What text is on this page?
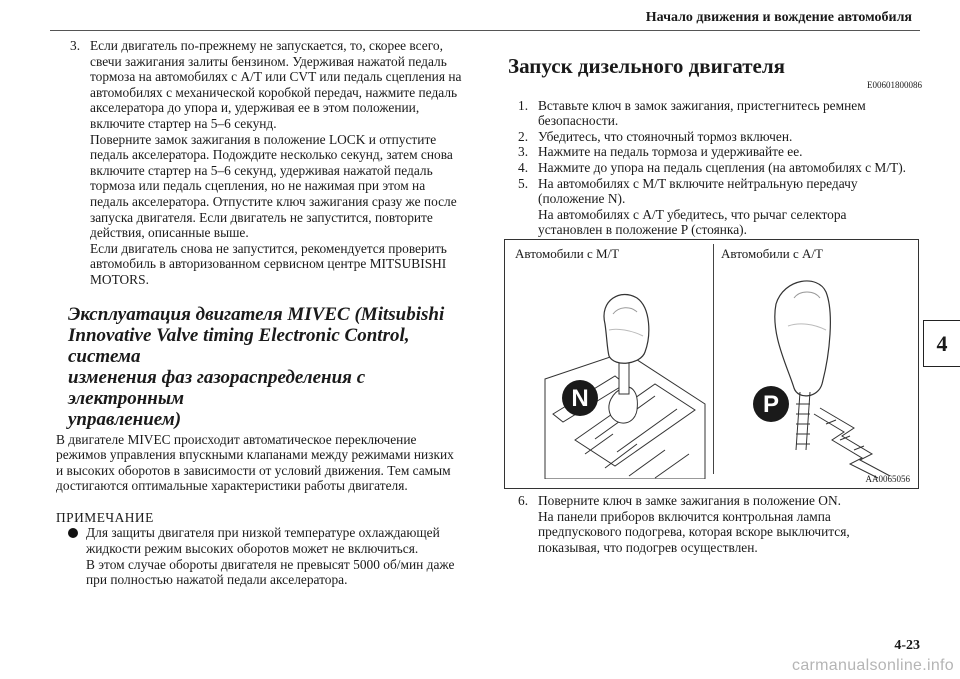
Начало движения и вождение автомобиля
4
3. Если двигатель по-прежнему не запускается, то, скорее всего,
свечи зажигания залиты бензином. Удерживая нажатой педаль
тормоза на автомобилях с A/T или CVT или педаль сцепления на
автомобилях с механической коробкой передач, нажмите педаль
акселератора до упора и, удерживая ее в этом положении,
включите стартер на 5–6 секунд.
Поверните замок зажигания в положение LOCK и отпустите
педаль акселератора. Подождите несколько секунд, затем снова
включите стартер на 5–6 секунд, удерживая нажатой педаль
тормоза или педаль сцепления, но не нажимая при этом на
педаль акселератора. Отпустите ключ зажигания сразу же после
запуска двигателя. Если двигатель не запустится, повторите
действия, описанные выше.
Если двигатель снова не запустится, рекомендуется проверить
автомобиль в авторизованном сервисном центре MITSUBISHI
MOTORS.
Эксплуатация двигателя MIVEC (Mitsubishi
Innovative Valve timing Electronic Control, система
изменения фаз газораспределения с электронным
управлением)
В двигателе MIVEC происходит автоматическое переключение
режимов управления впускными клапанами между режимами низких
и высоких оборотов в зависимости от условий движения. Тем самым
достигаются оптимальные характеристики работы двигателя.
ПРИМЕЧАНИЕ
Для защиты двигателя при низкой температуре охлаждающей
жидкости режим высоких оборотов может не включиться.
В этом случае обороты двигателя не превысят 5000 об/мин даже
при полностью нажатой педали акселератора.
Запуск дизельного двигателя
E00601800086
1. Вставьте ключ в замок зажигания, пристегнитесь ремнем
безопасности.
2. Убедитесь, что стояночный тормоз включен.
3. Нажмите на педаль тормоза и удерживайте ее.
4. Нажмите до упора на педаль сцепления (на автомобилях с M/T).
5. На автомобилях с M/T включите нейтральную передачу
(положение N).
На автомобилях с A/T убедитесь, что рычаг селектора
установлен в положение P (стоянка).
Автомобили с M/T	Автомобили с A/T
N	P
AA0065056
6. Поверните ключ в замке зажигания в положение ON.
На панели приборов включится контрольная лампа
предпускового подогрева, которая вскоре выключится,
показывая, что подогрев осуществлен.
4-23
carmanualsonline.info
